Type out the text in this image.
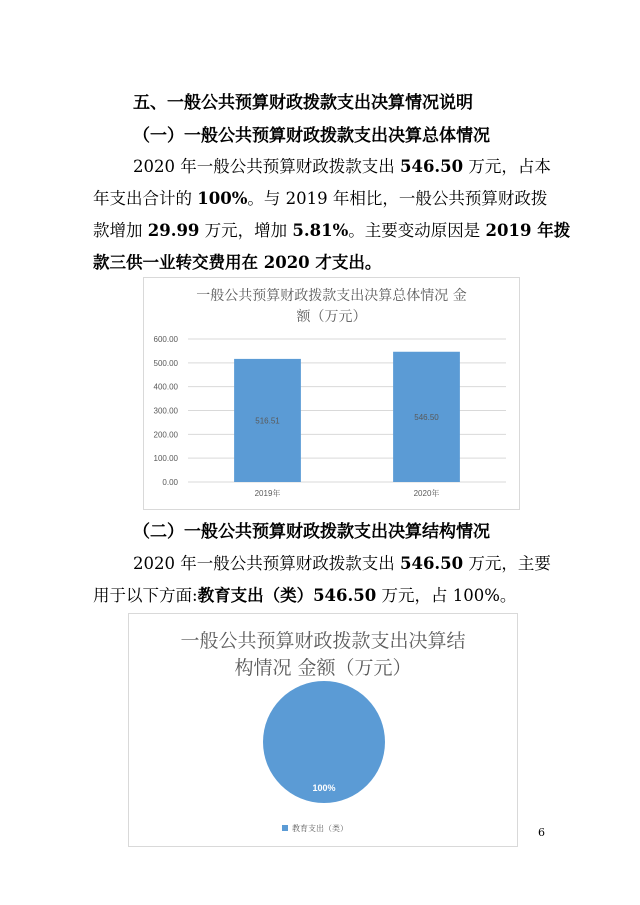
五、一般公共预算财政拨款支出决算情况说明
（一）一般公共预算财政拨款支出决算总体情况
2020 年一般公共预算财政拨款支出 546.50 万元，占本
年支出合计的 100%。与 2019 年相比，一般公共预算财政拨
款增加 29.99 万元，增加 5.81%。主要变动原因是 2019 年拨
款三供一业转交费用在 2020 才支出。
一般公共预算财政拨款支出决算总体情况 金
额（万元）
0.00
100.00
200.00
300.00
400.00
500.00
600.00
516.51	546.50
2019年	2020年
（二）一般公共预算财政拨款支出决算结构情况
2020 年一般公共预算财政拨款支出 546.50 万元，主要
用于以下方面:教育支出（类）546.50 万元，占 100%。
一般公共预算财政拨款支出决算结
构情况 金额（万元）
100%
教育支出（类）	6
